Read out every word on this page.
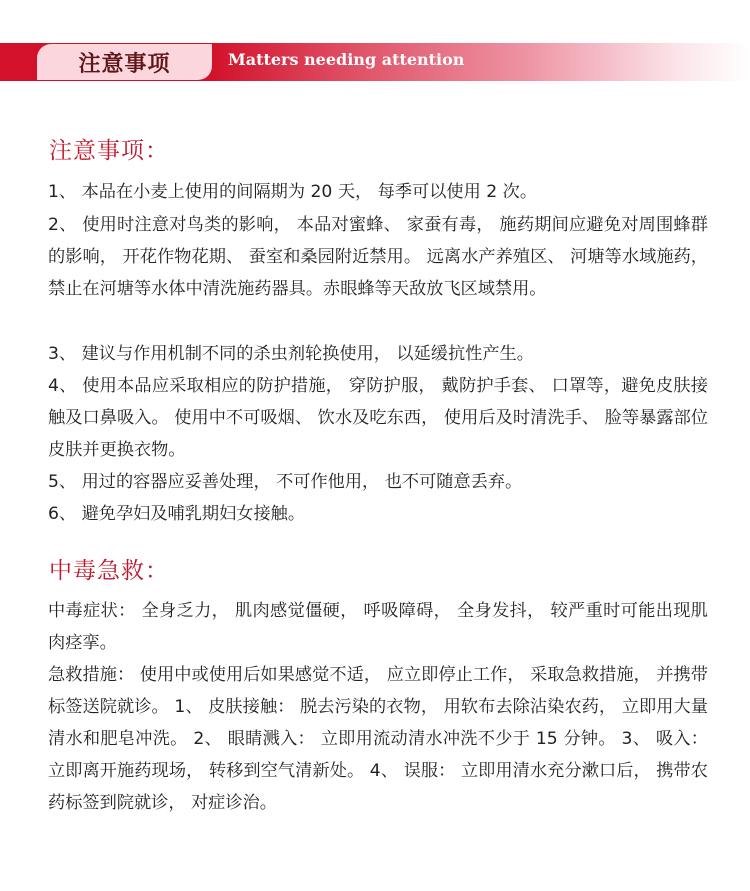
注意事项	Matters needing attention
注意事项：
1、 本品在小麦上使用的间隔期为 20 天， 每季可以使用 2 次。
2、 使用时注意对鸟类的影响， 本品对蜜蜂、 家蚕有毒， 施药期间应避免对周围蜂群的影响， 开花作物花期、 蚕室和桑园附近禁用。 远离水产养殖区、 河塘等水域施药， 禁止在河塘等水体中清洗施药器具。赤眼蜂等天敌放飞区域禁用。
3、 建议与作用机制不同的杀虫剂轮换使用， 以延缓抗性产生。
4、 使用本品应采取相应的防护措施， 穿防护服， 戴防护手套、 口罩等，避免皮肤接触及口鼻吸入。 使用中不可吸烟、 饮水及吃东西， 使用后及时清洗手、 脸等暴露部位皮肤并更换衣物。
5、 用过的容器应妥善处理， 不可作他用， 也不可随意丢弃。
6、 避免孕妇及哺乳期妇女接触。
中毒急救：
中毒症状： 全身乏力， 肌肉感觉僵硬， 呼吸障碍， 全身发抖， 较严重时可能出现肌肉痉挛。
急救措施： 使用中或使用后如果感觉不适， 应立即停止工作， 采取急救措施， 并携带标签送院就诊。 1、 皮肤接触： 脱去污染的衣物， 用软布去除沾染农药， 立即用大量清水和肥皂冲洗。 2、 眼睛溅入： 立即用流动清水冲洗不少于 15 分钟。 3、 吸入： 立即离开施药现场， 转移到空气清新处。 4、 误服： 立即用清水充分漱口后， 携带农药标签到院就诊， 对症诊治。
